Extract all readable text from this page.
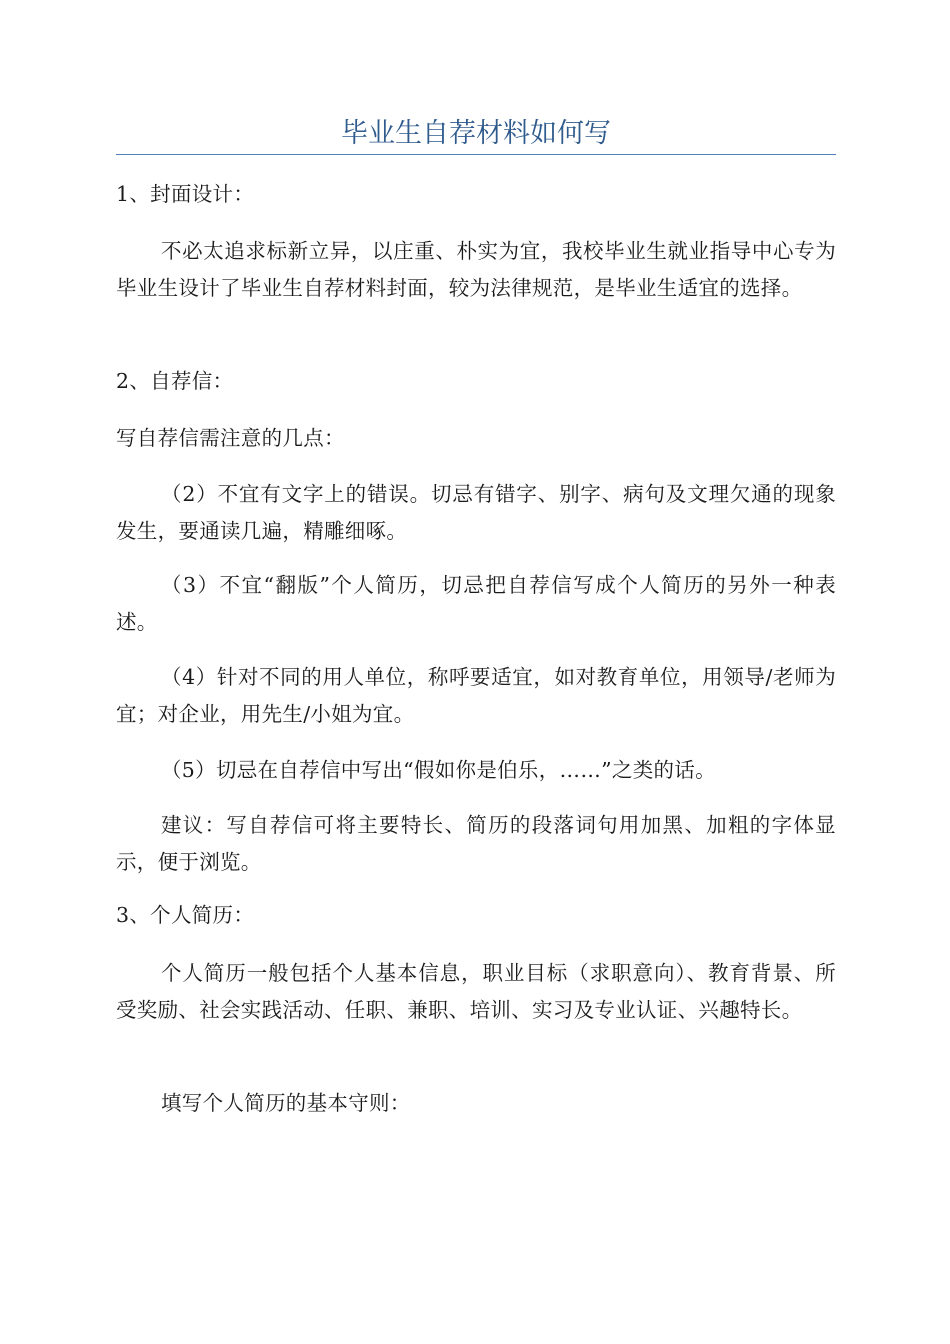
毕业生自荐材料如何写

1、封面设计：

不必太追求标新立异，以庄重、朴实为宜，我校毕业生就业指导中心专为毕业生设计了毕业生自荐材料封面，较为法律规范，是毕业生适宜的选择。

2、自荐信：

写自荐信需注意的几点：

（2）不宜有文字上的错误。切忌有错字、别字、病句及文理欠通的现象发生，要通读几遍，精雕细啄。

（3）不宜“翻版”个人简历，切忌把自荐信写成个人简历的另外一种表述。

（4）针对不同的用人单位，称呼要适宜，如对教育单位，用领导/老师为宜；对企业，用先生/小姐为宜。

（5）切忌在自荐信中写出“假如你是伯乐，……”之类的话。

建议：写自荐信可将主要特长、简历的段落词句用加黑、加粗的字体显示，便于浏览。

3、个人简历：

个人简历一般包括个人基本信息，职业目标（求职意向）、教育背景、所受奖励、社会实践活动、任职、兼职、培训、实习及专业认证、兴趣特长。

填写个人简历的基本守则：
